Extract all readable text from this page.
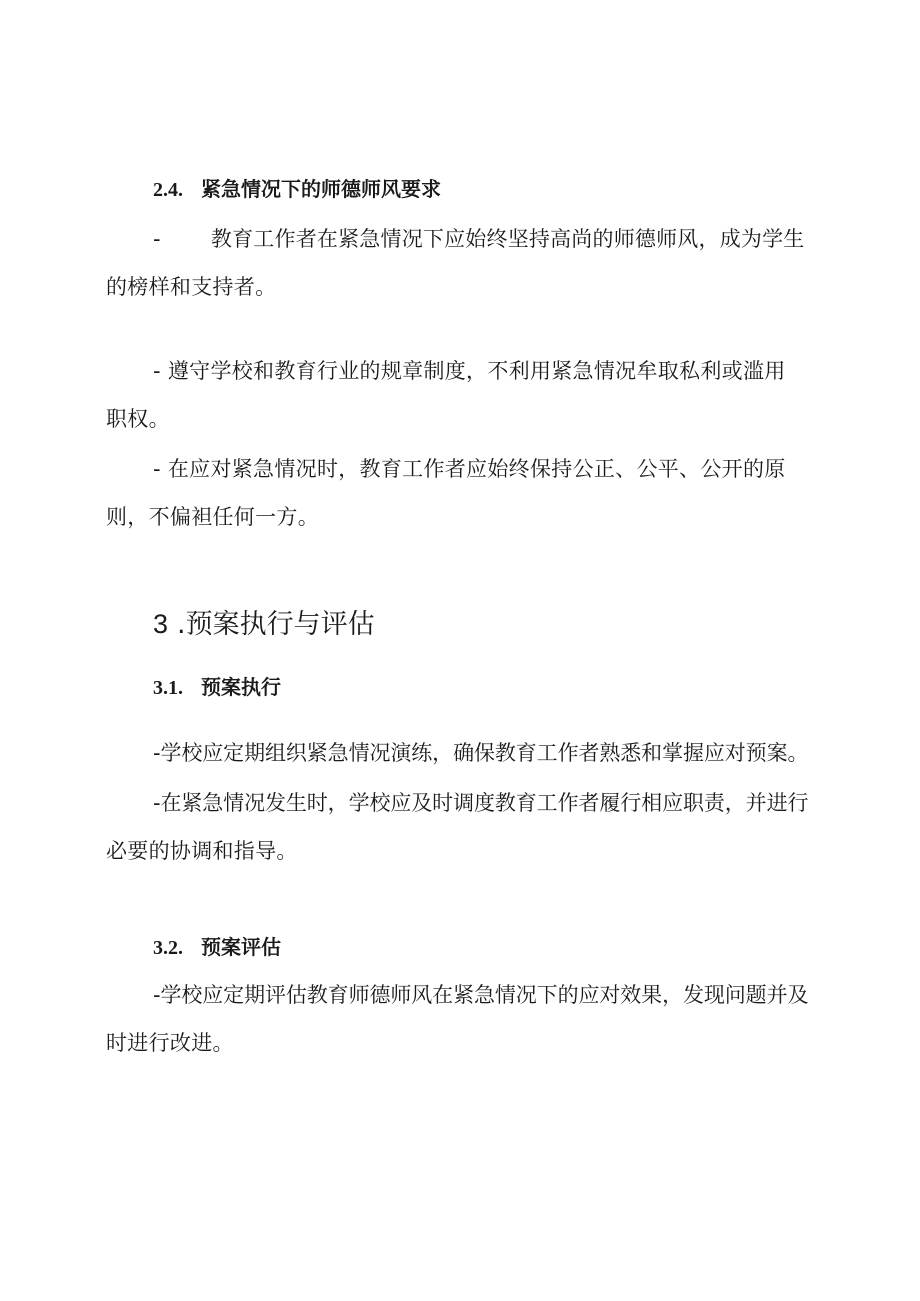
2.4. 紧急情况下的师德师风要求
- 教育工作者在紧急情况下应始终坚持高尚的师德师风，成为学生
的榜样和支持者。
- 遵守学校和教育行业的规章制度，不利用紧急情况牟取私利或滥用
职权。
- 在应对紧急情况时，教育工作者应始终保持公正、公平、公开的原
则，不偏袒任何一方。
3 .预案执行与评估
3.1. 预案执行
-学校应定期组织紧急情况演练，确保教育工作者熟悉和掌握应对预案。
-在紧急情况发生时，学校应及时调度教育工作者履行相应职责，并进行
必要的协调和指导。
3.2. 预案评估
-学校应定期评估教育师德师风在紧急情况下的应对效果，发现问题并及
时进行改进。
